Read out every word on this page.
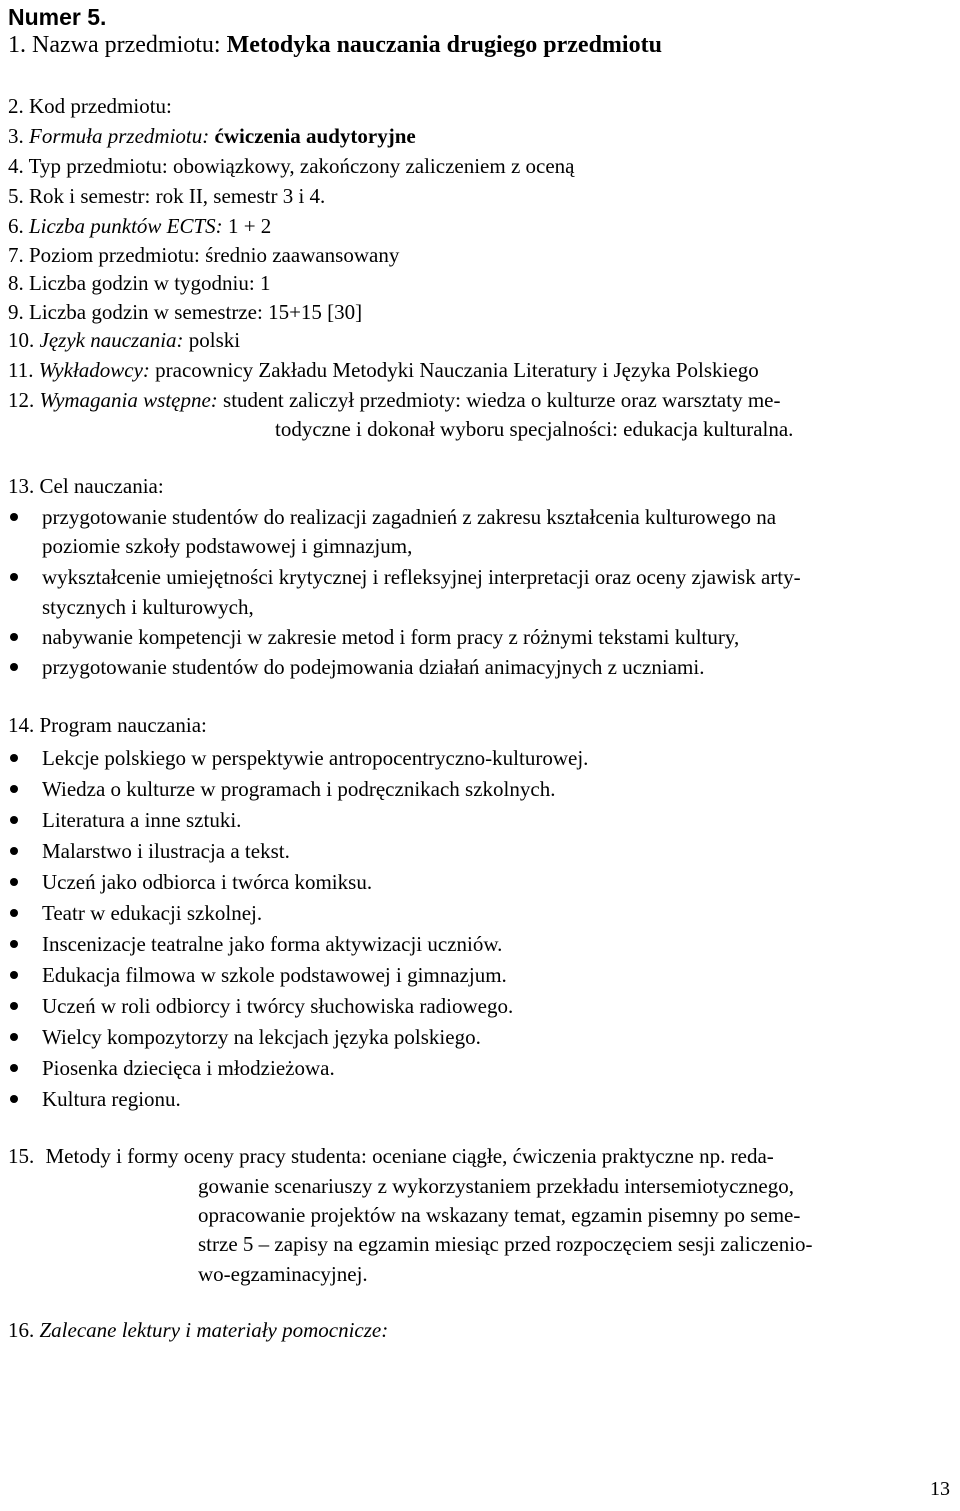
Numer 5.
1. Nazwa przedmiotu: Metodyka nauczania drugiego przedmiotu
2. Kod przedmiotu:
3. Formuła przedmiotu: ćwiczenia audytoryjne
4. Typ przedmiotu: obowiązkowy, zakończony zaliczeniem z oceną
5. Rok i semestr: rok II, semestr 3 i 4.
6. Liczba punktów ECTS: 1 + 2
7. Poziom przedmiotu: średnio zaawansowany
8. Liczba godzin w tygodniu: 1
9. Liczba godzin w semestrze: 15+15 [30]
10. Język nauczania: polski
11. Wykładowcy: pracownicy Zakładu Metodyki Nauczania Literatury i Języka Polskiego
12. Wymagania wstępne: student zaliczył przedmioty: wiedza o kulturze oraz warsztaty me-
todyczne i dokonał wyboru specjalności: edukacja kulturalna.
13. Cel nauczania:
przygotowanie studentów do realizacji zagadnień z zakresu kształcenia kulturowego na
poziomie szkoły podstawowej i gimnazjum,
wykształcenie umiejętności krytycznej i refleksyjnej interpretacji oraz oceny zjawisk arty-
stycznych i kulturowych,
nabywanie kompetencji w zakresie metod i form pracy z różnymi tekstami kultury,
przygotowanie studentów do podejmowania działań animacyjnych z uczniami.
14. Program nauczania:
Lekcje polskiego w perspektywie antropocentryczno-kulturowej.
Wiedza o kulturze w programach i podręcznikach szkolnych.
Literatura a inne sztuki.
Malarstwo i ilustracja a tekst.
Uczeń jako odbiorca i twórca komiksu.
Teatr w edukacji szkolnej.
Inscenizacje teatralne jako forma aktywizacji uczniów.
Edukacja filmowa w szkole podstawowej i gimnazjum.
Uczeń w roli odbiorcy i twórcy słuchowiska radiowego.
Wielcy kompozytorzy na lekcjach języka polskiego.
Piosenka dziecięca i młodzieżowa.
Kultura regionu.
15. Metody i formy oceny pracy studenta: oceniane ciągłe, ćwiczenia praktyczne np. reda-
gowanie scenariuszy z wykorzystaniem przekładu intersemiotycznego,
opracowanie projektów na wskazany temat, egzamin pisemny po seme-
strze 5 – zapisy na egzamin miesiąc przed rozpoczęciem sesji zaliczenio-
wo-egzaminacyjnej.
16. Zalecane lektury i materiały pomocnicze:
13
